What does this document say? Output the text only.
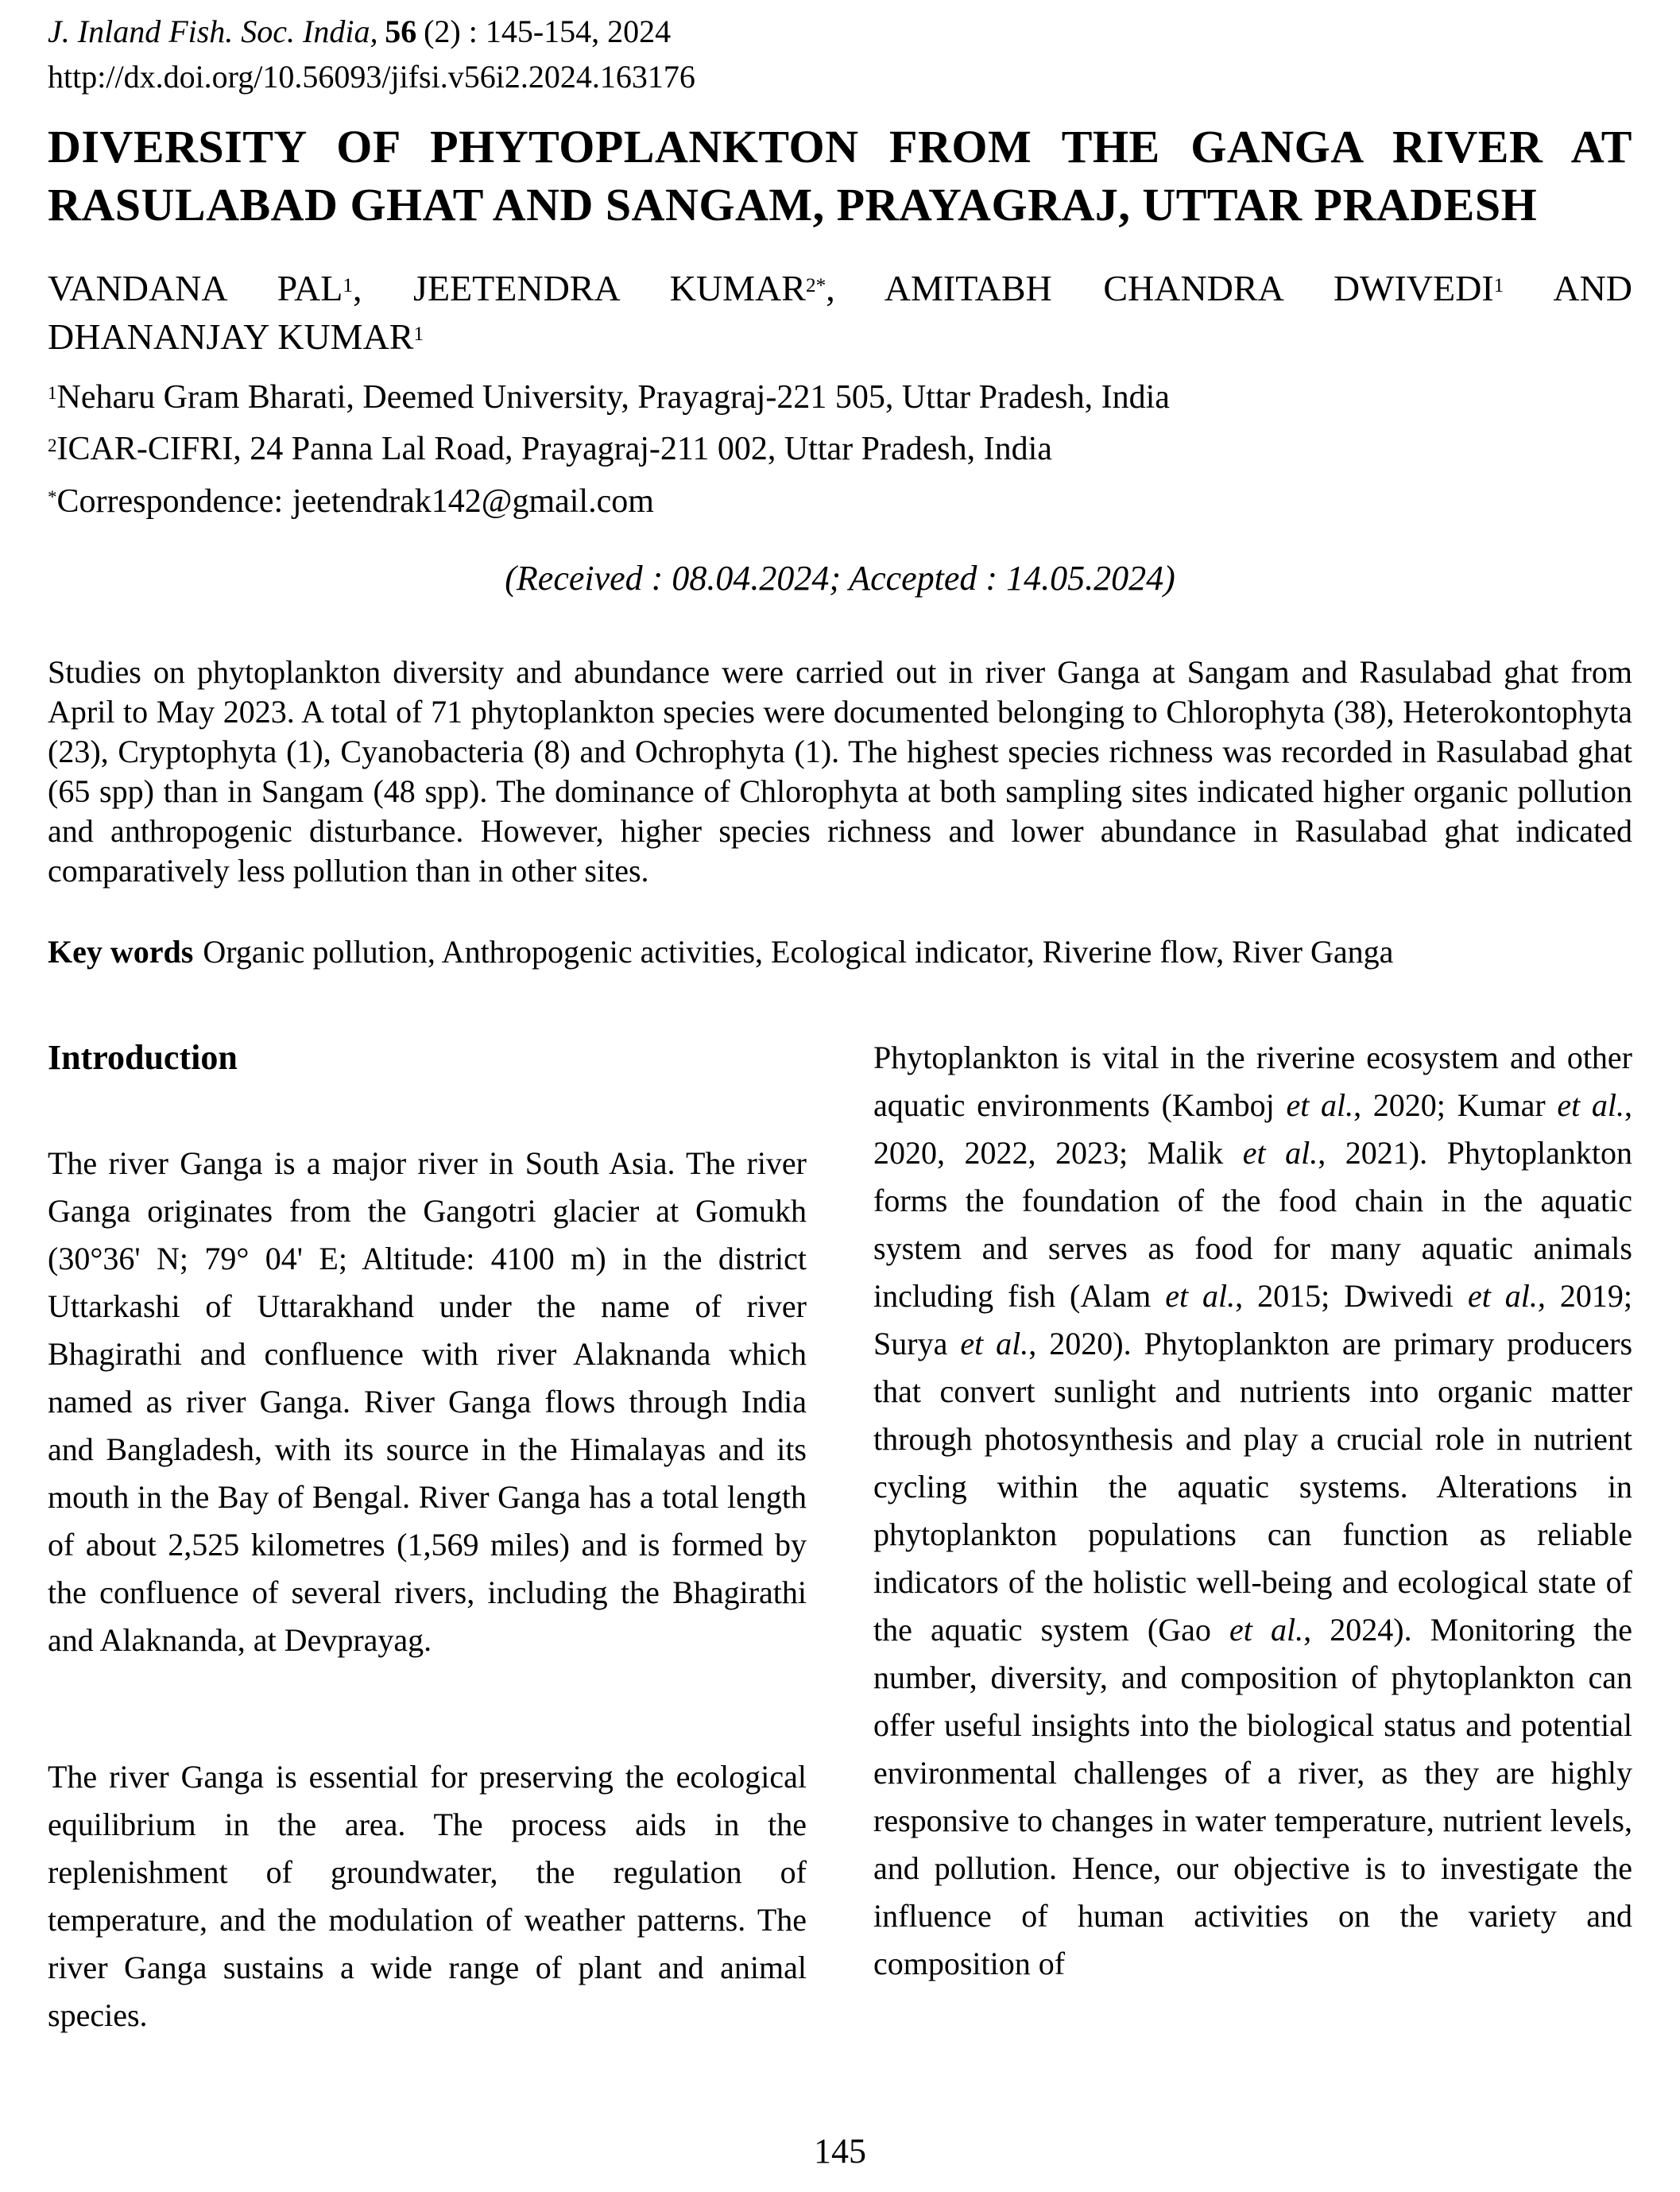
J. Inland Fish. Soc. India, 56 (2) : 145-154, 2024
http://dx.doi.org/10.56093/jifsi.v56i2.2024.163176
DIVERSITY OF PHYTOPLANKTON FROM THE GANGA RIVER AT
RASULABAD GHAT AND SANGAM, PRAYAGRAJ, UTTAR PRADESH
VANDANA PAL$^1$, JEETENDRA $KUMAR^{2*}$, AMITABH CHANDRA DWIVEDI$^1$ AND
DHANANJAY KUMAR$^1$
$^1$Neharu Gram Bharati, Deemed University, Prayagraj-221 505, Uttar Pradesh, India
$^2$ICAR-CIFRI, 24 Panna Lal Road, Prayagraj-211 002, Uttar Pradesh, India
*Correspondence: jeetendrak142@gmail.com
(Received : 08.04.2024; Accepted : 14.05.2024)

Studies on phytoplankton diversity and abundance were carried out in river Ganga at Sangam and Rasulabad ghat from April to May 2023. A total of 71 phytoplankton species were documented belonging to Chlorophyta (38), Heterokontophyta (23), Cryptophyta (1), Cyanobacteria (8) and Ochrophyta (1). The highest species richness was recorded in Rasulabad ghat (65 spp) than in Sangam (48 spp). The dominance of Chlorophyta at both sampling sites indicated higher organic pollution and anthropogenic disturbance. However, higher species richness and lower abundance in Rasulabad ghat indicated comparatively less pollution than in other sites.

Key words Organic pollution, Anthropogenic activities, Ecological indicator, Riverine flow, River Ganga

Introduction

The river Ganga is a major river in South Asia. The river Ganga originates from the Gangotri glacier at Gomukh (30°36' N; 79° 04' E; Altitude: 4100 m) in the district Uttarkashi of Uttarakhand under the name of river Bhagirathi and confluence with river Alaknanda which named as river Ganga. River Ganga flows through India and Bangladesh, with its source in the Himalayas and its mouth in the Bay of Bengal. River Ganga has a total length of about 2,525 kilometres (1,569 miles) and is formed by the confluence of several rivers, including the Bhagirathi and Alaknanda, at Devprayag.

The river Ganga is essential for preserving the ecological equilibrium in the area. The process aids in the replenishment of groundwater, the regulation of temperature, and the modulation of weather patterns. The river Ganga sustains a wide range of plant and animal species.

Phytoplankton is vital in the riverine ecosystem and other aquatic environments (Kamboj et al., 2020; Kumar et al., 2020, 2022, 2023; Malik et al., 2021). Phytoplankton forms the foundation of the food chain in the aquatic system and serves as food for many aquatic animals including fish (Alam et al., 2015; Dwivedi et al., 2019; Surya et al., 2020). Phytoplankton are primary producers that convert sunlight and nutrients into organic matter through photosynthesis and play a crucial role in nutrient cycling within the aquatic systems. Alterations in phytoplankton populations can function as reliable indicators of the holistic well-being and ecological state of the aquatic system (Gao et al., 2024). Monitoring the number, diversity, and composition of phytoplankton can offer useful insights into the biological status and potential environmental challenges of a river, as they are highly responsive to changes in water temperature, nutrient levels, and pollution. Hence, our objective is to investigate the influence of human activities on the variety and composition of

145
